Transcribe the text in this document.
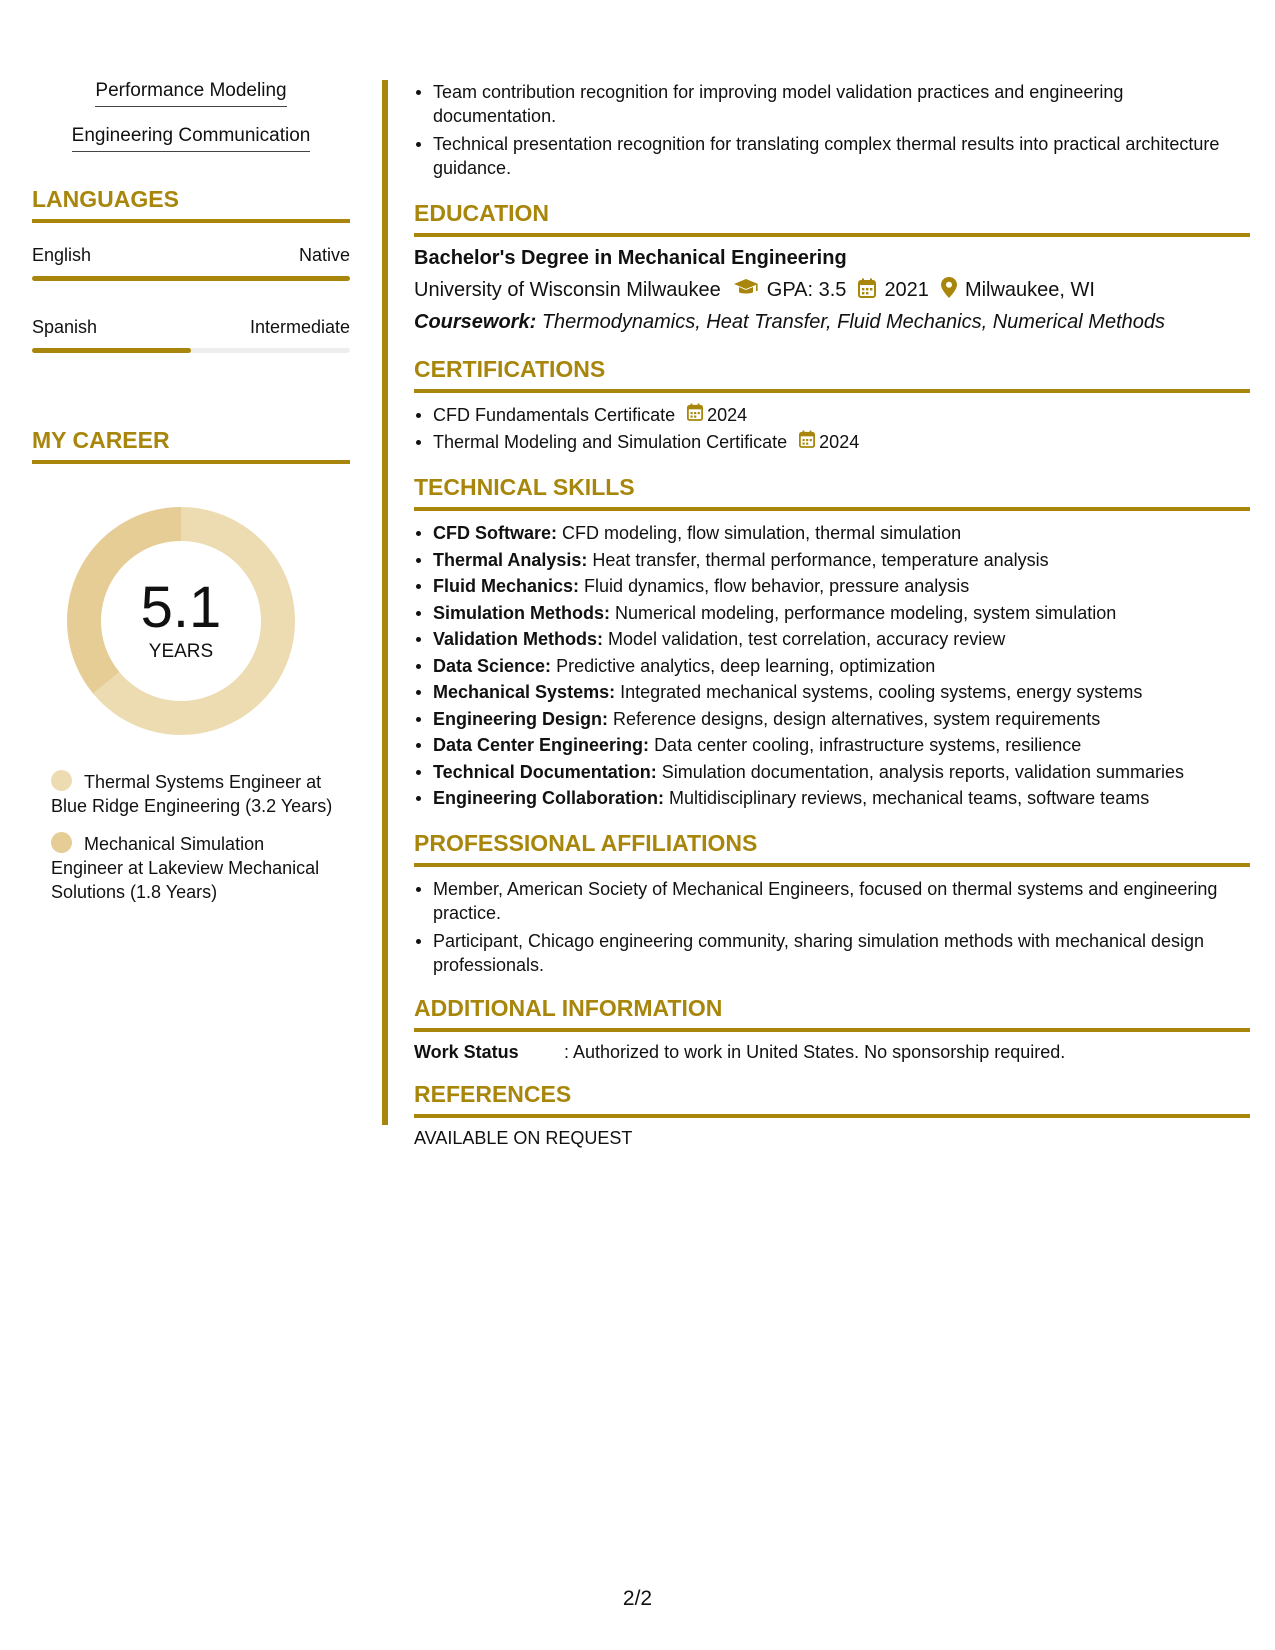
Performance Modeling
Engineering Communication
LANGUAGES
English	Native
Spanish	Intermediate
MY CAREER
5.1
YEARS
Thermal Systems Engineer at Blue Ridge Engineering (3.2 Years)
Mechanical Simulation Engineer at Lakeview Mechanical Solutions (1.8 Years)
Team contribution recognition for improving model validation practices and engineering documentation.
Technical presentation recognition for translating complex thermal results into practical architecture guidance.
EDUCATION
Bachelor's Degree in Mechanical Engineering
University of Wisconsin Milwaukee GPA: 3.5 2021 Milwaukee, WI
Coursework: Thermodynamics, Heat Transfer, Fluid Mechanics, Numerical Methods
CERTIFICATIONS
CFD Fundamentals Certificate 2024
Thermal Modeling and Simulation Certificate 2024
TECHNICAL SKILLS
CFD Software: CFD modeling, flow simulation, thermal simulation
Thermal Analysis: Heat transfer, thermal performance, temperature analysis
Fluid Mechanics: Fluid dynamics, flow behavior, pressure analysis
Simulation Methods: Numerical modeling, performance modeling, system simulation
Validation Methods: Model validation, test correlation, accuracy review
Data Science: Predictive analytics, deep learning, optimization
Mechanical Systems: Integrated mechanical systems, cooling systems, energy systems
Engineering Design: Reference designs, design alternatives, system requirements
Data Center Engineering: Data center cooling, infrastructure systems, resilience
Technical Documentation: Simulation documentation, analysis reports, validation summaries
Engineering Collaboration: Multidisciplinary reviews, mechanical teams, software teams
PROFESSIONAL AFFILIATIONS
Member, American Society of Mechanical Engineers, focused on thermal systems and engineering practice.
Participant, Chicago engineering community, sharing simulation methods with mechanical design professionals.
ADDITIONAL INFORMATION
Work Status	: Authorized to work in United States. No sponsorship required.
REFERENCES
AVAILABLE ON REQUEST
2/2
